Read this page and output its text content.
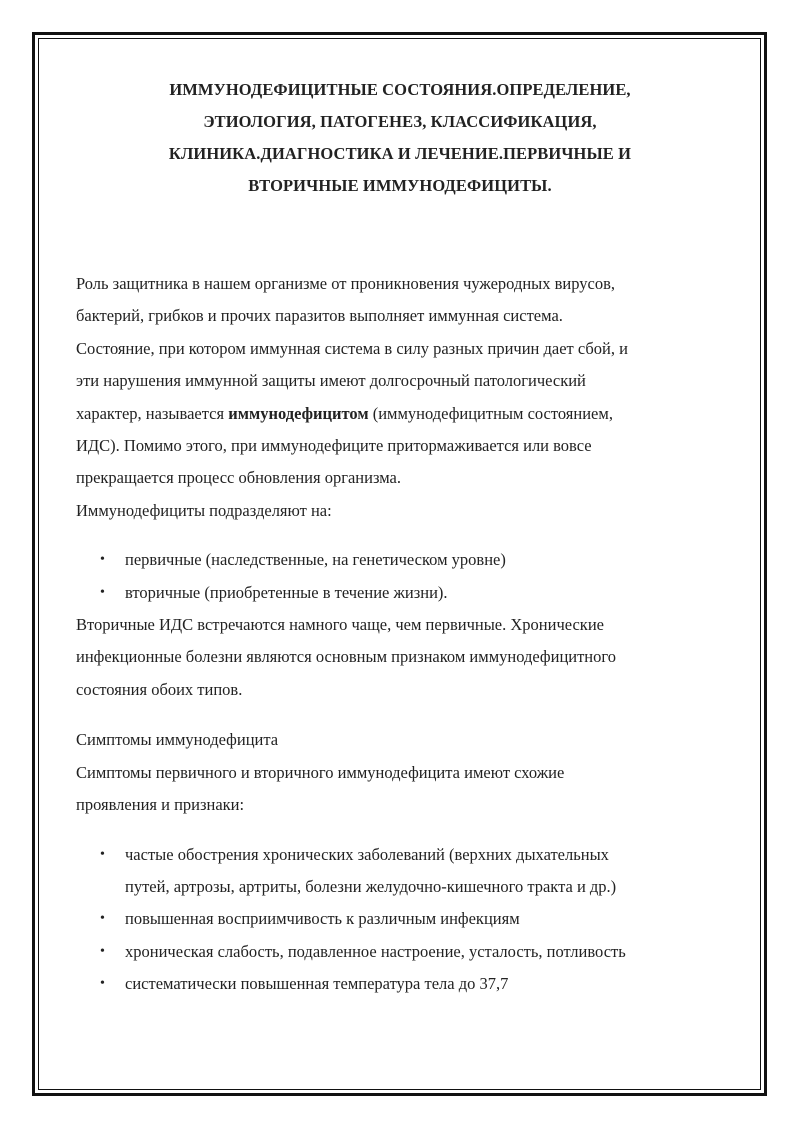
ИММУНОДЕФИЦИТНЫЕ СОСТОЯНИЯ.ОПРЕДЕЛЕНИЕ,
ЭТИОЛОГИЯ, ПАТОГЕНЕЗ, КЛАССИФИКАЦИЯ,
КЛИНИКА.ДИАГНОСТИКА И ЛЕЧЕНИЕ.ПЕРВИЧНЫЕ И
ВТОРИЧНЫЕ ИММУНОДЕФИЦИТЫ.

Роль защитника в нашем организме от проникновения чужеродных вирусов,
бактерий, грибков и прочих паразитов выполняет иммунная система.
Состояние, при котором иммунная система в силу разных причин дает сбой, и
эти нарушения иммунной защиты имеют долгосрочный патологический
характер, называется иммунодефицитом (иммунодефицитным состоянием,
ИДС). Помимо этого, при иммунодефиците притормаживается или вовсе
прекращается процесс обновления организма.

Иммунодефициты подразделяют на:

• первичные (наследственные, на генетическом уровне)
• вторичные (приобретенные в течение жизни).

Вторичные ИДС встречаются намного чаще, чем первичные. Хронические
инфекционные болезни являются основным признаком иммунодефицитного
состояния обоих типов.

Симптомы иммунодефицита

Симптомы первичного и вторичного иммунодефицита имеют схожие
проявления и признаки:

• частые обострения хронических заболеваний (верхних дыхательных
путей, артрозы, артриты, болезни желудочно-кишечного тракта и др.)
• повышенная восприимчивость к различным инфекциям
• хроническая слабость, подавленное настроение, усталость, потливость
• систематически повышенная температура тела до 37,7
